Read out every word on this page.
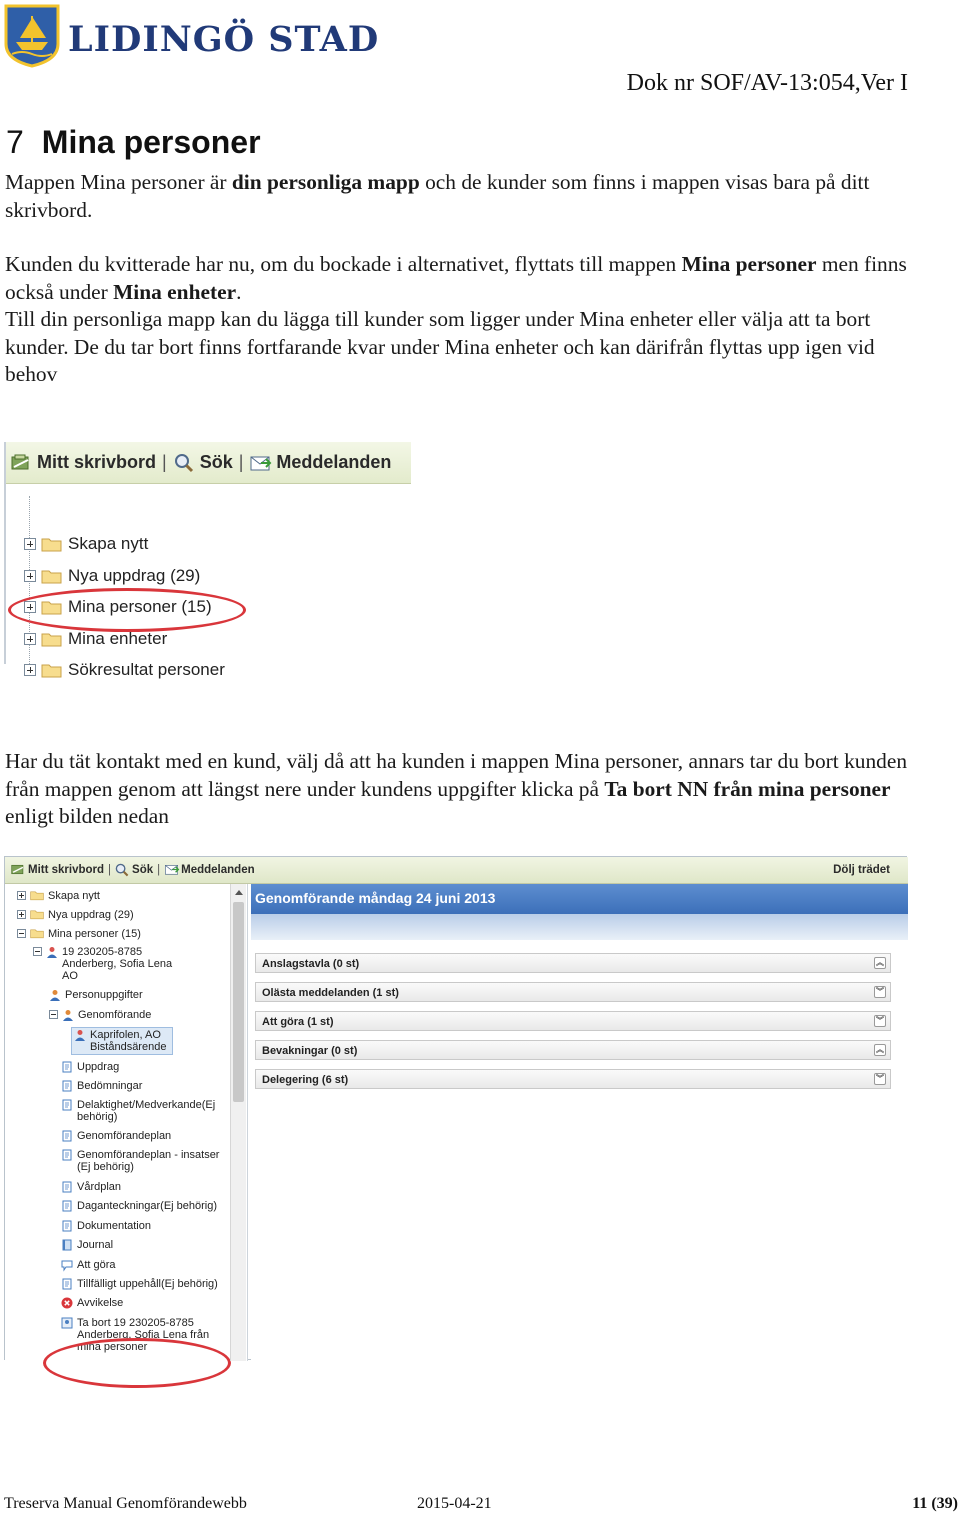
LIDINGÖ STAD
Dok nr SOF/AV-13:054,Ver I
7 Mina personer
Mappen Mina personer är din personliga mapp och de kunder som finns i mappen visas bara på ditt skrivbord.
Kunden du kvitterade har nu, om du bockade i alternativet, flyttats till mappen Mina personer men finns också under Mina enheter.
Till din personliga mapp kan du lägga till kunder som ligger under Mina enheter eller välja att ta bort kunder. De du tar bort finns fortfarande kvar under Mina enheter och kan därifrån flyttas upp igen vid behov
Mitt skrivbord | Sök | Meddelanden
Skapa nytt
Nya uppdrag (29)
Mina personer (15)
Mina enheter
Sökresultat personer
Har du tät kontakt med en kund, välj då att ha kunden i mappen Mina personer, annars tar du bort kunden från mappen genom att längst nere under kundens uppgifter klicka på Ta bort NN från mina personer enligt bilden nedan
Mitt skrivbord | Sök | Meddelanden	Dölj trädet
Skapa nytt
Nya uppdrag (29)
Mina personer (15)
19 230205-8785
Anderberg, Sofia Lena
AO
Personuppgifter
Genomförande
Kaprifolen, AO
Biståndsärende
Uppdrag
Bedömningar
Delaktighet/Medverkande(Ej
behörig)
Genomförandeplan
Genomförandeplan - insatser
(Ej behörig)
Vårdplan
Daganteckningar(Ej behörig)
Dokumentation
Journal
Att göra
Tillfälligt uppehåll(Ej behörig)
Avvikelse
Ta bort 19 230205-8785
Anderberg, Sofia Lena från
mina personer
Genomförande måndag 24 juni 2013
Anslagstavla (0 st)	︽
Olästa meddelanden (1 st)	︾
Att göra (1 st)	︾
Bevakningar (0 st)	︽
Delegering (6 st)	︾
Treserva Manual Genomförandewebb	2015-04-21	11 (39)
